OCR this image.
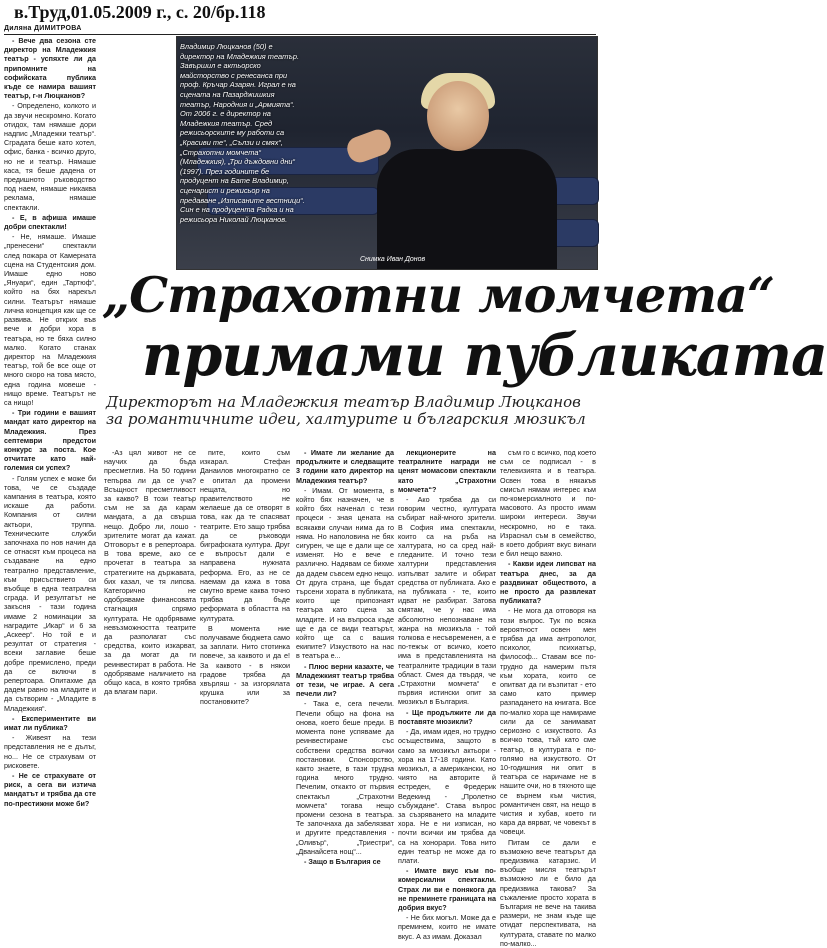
в.Труд,01.05.2009 г., с. 20/бр.118
Диляна ДИМИТРОВА
Владимир Люцканов (50) е директор на Младежкия театър. Завършил е актьорско майсторство с ренесанса при проф. Кръчар Азарян. Играл е на сцената на Пазарджишкия театър, Народния и „Армията“. От 2006 г. е директор на Младежкия театър. Сред режисьорските му работи са „Красиви те“, „Сълзи и смях“, „Страхотни момчета“ (Младежкия), „Три дъждовни дни“ (1997). През годините бе продуцент на Бате Владимир, сценарист и режисьор на предаване „Изписаните вестници“. Син е на продуцента Радка и на режисьора Николай Люцканов.
Снимка Иван Донов
„Страхотни момчета“
примами публиката
Директорът на Младежкия театър Владимир Люцканов за романтичните идеи, халтурите и българския мюзикъл

- Вече два сезона сте директор на Младежкия театър - успяхте ли да припомните на софийската публика къде се намира вашият театър, г-н Люцканов?

- Определено, колкото и да звучи нескромно. Когато отидох, там нямаше дори надпис „Младежки театър“. Сградата беше като хотел, офис, банка - всичко друго, но не и театър. Нямаше каса, тя беше дадена от предишното ръководство под наем, нямаше никаква реклама, нямаше спектакли.

- Е, в афиша имаше добри спектакли!

- Не, нямаше. Имаше „пренесени“ спектакли след пожара от Камерната сцена на Студентския дом. Имаше едно ново „Януари“, един „Тартюф“, който на бях нарекъл силни. Театърът нямаше лична концепция как ще се развива. Не открих във вече и добри хора в театъра, но те бяха силно малко. Когато станах директор на Младежкия театър, той бе все още от много скоро на това място, една година мовеше - нищо време. Театърът не са нищо!

- Три години е вашият мандат като директор на Младежкия. През септември предстои конкурс за поста. Кое отчитате като най-големия си успех?

- Голям успех е може би това, че се създаде кампания в театъра, която искаше да работи. Компания от силни актьори, труппа. Техническите служби започнаха по нов начин да се отнасят към процеса на създаване на едно театрално представление, към присъствието си въобще в една театрална сграда. И резултатът не закъсня - тази година имаме 2 номинации за наградите „Икар“ и 6 за „Аскеер“. Но той е и резултат от стратегия - всеки заглавие беше добре премислено, преди да се включи в репертоара. Опитахме да дадем равно на младите и да сътворим - „Младите в Младежкия“.

- Експериментите ви имат ли публика?

- Живеят на тези представления не е дълъг, но... Не се страхувам от рисковете.

- Не се страхувате от риск, а сега ви изтича мандатът и трябва да сте по-престижни може би?

-Аз цял живот не се научих да бъда пресметлив. На 50 години тепърва ли да се уча? Всъщност пресметливост за какво? В този театър съм не за да карам мандата, а да свърша нещо. Добро ли, лошо - зрителите могат да кажат. Отговорът е в репертоара. В това време, ако се прочетат в театъра за стратегиите на държавата, бих казал, че тя липсва. Категорично не одобряваме финансовата стагнация спрямо културата. Не одобряваме невъзможността театрите да разполагат със средства, които изкарват, за да могат да ги реинвестират в работа. Не одобряваме наличието на общо каса, в която трябва да влагам пари.

пите, които съм изкарал. Стефан Данаилов многократно се е опитал да промени нещата, но правителството не желаеше да се отворят в това, как да те спасяват театрите. Ето защо трябва да се ръководи биграфската култура. Друг е въпросът дали е направена нужната реформа. Его, аз не се наемам да кажа в това смутно време каква точно трябва да бъде реформата в областта на културата.

В момента ние получаваме бюджета само за заплати. Нито стотинка повече, за каквото и да е! За каквото - в някои градове трябва да хвърляш - за изгорялата крушка или за постановките?

- Имате ли желание да продължите и следващите 3 години като директор на Младежкия театър?

- Имам. От момента, в който бях назначен, че в който бях наченал с тези процеси - зная цената на всякакви случаи нима да го няма. Но наполовина не бях сигурен, че ще е дали ще се изменят. Но е вече е различно. Надявам се бихме да дадем съвсем едно нещо. От друга страна, ще бъдат търсени хората в публиката, които ще припознаят театъра като сцена за младите. И на въпроса къде ще е да се види театърът, който ще са с вашия екипите? Изкуството на нас в театъра е...

- Плюс верни казахте, че Младежкият театър трябва от тези, че играе. А сега печели ли?

- Така е, сега печели. Печели общо на фона на онова, което беше преди. В момента поне успяваме да реинвестираме със собствени средства всички постановки. Спонсорство, както знаете, в тази труднa година много трудно. Печелим, откакто от първия спектакъл „Страхотни момчета“ тогава нещо промени сезона в театъра. Те започнаха да забелязват и другите представления - „Оливър“, „Триестри“, „Дванайсета нощ“...

- Защо в България се

лекционерите на театралните награди не ценят момасови спектакли като „Страхотни момчета“?

- Ако трябва да си говорим честно, културата събират най-много зрители. В София има спектакли, които са на ръба на халтурата, но са сред най-гледаните. И точно тези халтурни представления изпълват залите и обират средства от публиката. Ако е на публиката - те, които идват не разбират. Затова смятам, че у нас има абсолютно непознаване на жанра на мюзикъла - той толкова е несъвременен, а е по-тежък от всичко, което има в представленията на театралните традиции в тази област. Смея да твърдя, че „Страхотни момчета“ е първия истински опит за мюзикъл в България.

- Ще продължите ли да поставяте мюзикли?

- Да, имам идея, но трудно осъществима, защото в само за мюзикъл актьори - хора на 17-18 години. Като мюзикъл, а американски, но чиято на авторите й естреден, е Фредерик Ведекинд - „Пролетно събуждане“. Става въпрос за съзряването на младите хора. Не е ни изписан, но почти всички им трябва да са на хонорари. Това нито един театър не може да го плати.

- Имате вкус към по-комерсиални спектакли. Страх ли ви е понякога да не преминете границата на добрия вкус?

- Не бих могъл. Може да е преминем, които не иматe вкус. А аз имам. Доказал

съм го с всичко, под което съм се подписал - в телевизията и в театъра. Освен това в някакъв смисъл нямам интерес към по-комерсиалното и по-масовото. Аз просто имам широки интереси. Звучи нескромно, но е така. Израснал съм в семейство, в което добрият вкус винаги е бил нещо важно.

- Какви идеи липсват на театъра днес, за да раздвижат обществото, а не просто да развлекат публиката?

- Не мога да отговоря на този въпрос. Тук по всяка вероятност освен мен трябва да има антрополог, психолог, психиатър, философ... Ставам все по-трудно да намерим пътя към хората, които се опитват да ги възпитат - ето само като пример разпадането на книгата. Все по-малко хора ще намираме сили да се занимават сериозно с изкуството. Аз всичко това, тъй като сме театър, в културата е по-голямо на изкуството. От 10-годишния ни опит в театъра се наричаме не в нашите очи, но в тяхното ще се върнем към чистия, романтичен свят, на нещо в чистия и хубав, което ги кара да вярват, че човекът в човеци.

Питам се дали е възможно вече театърът да предизвика катарзис. И въобще мисля театърът възможно ли е било да предизвика такова? За съжаление просто хората в България не вече на такива размери, не знам къде ще отидат перспективата, на културата, ставате по малко по-малко...
